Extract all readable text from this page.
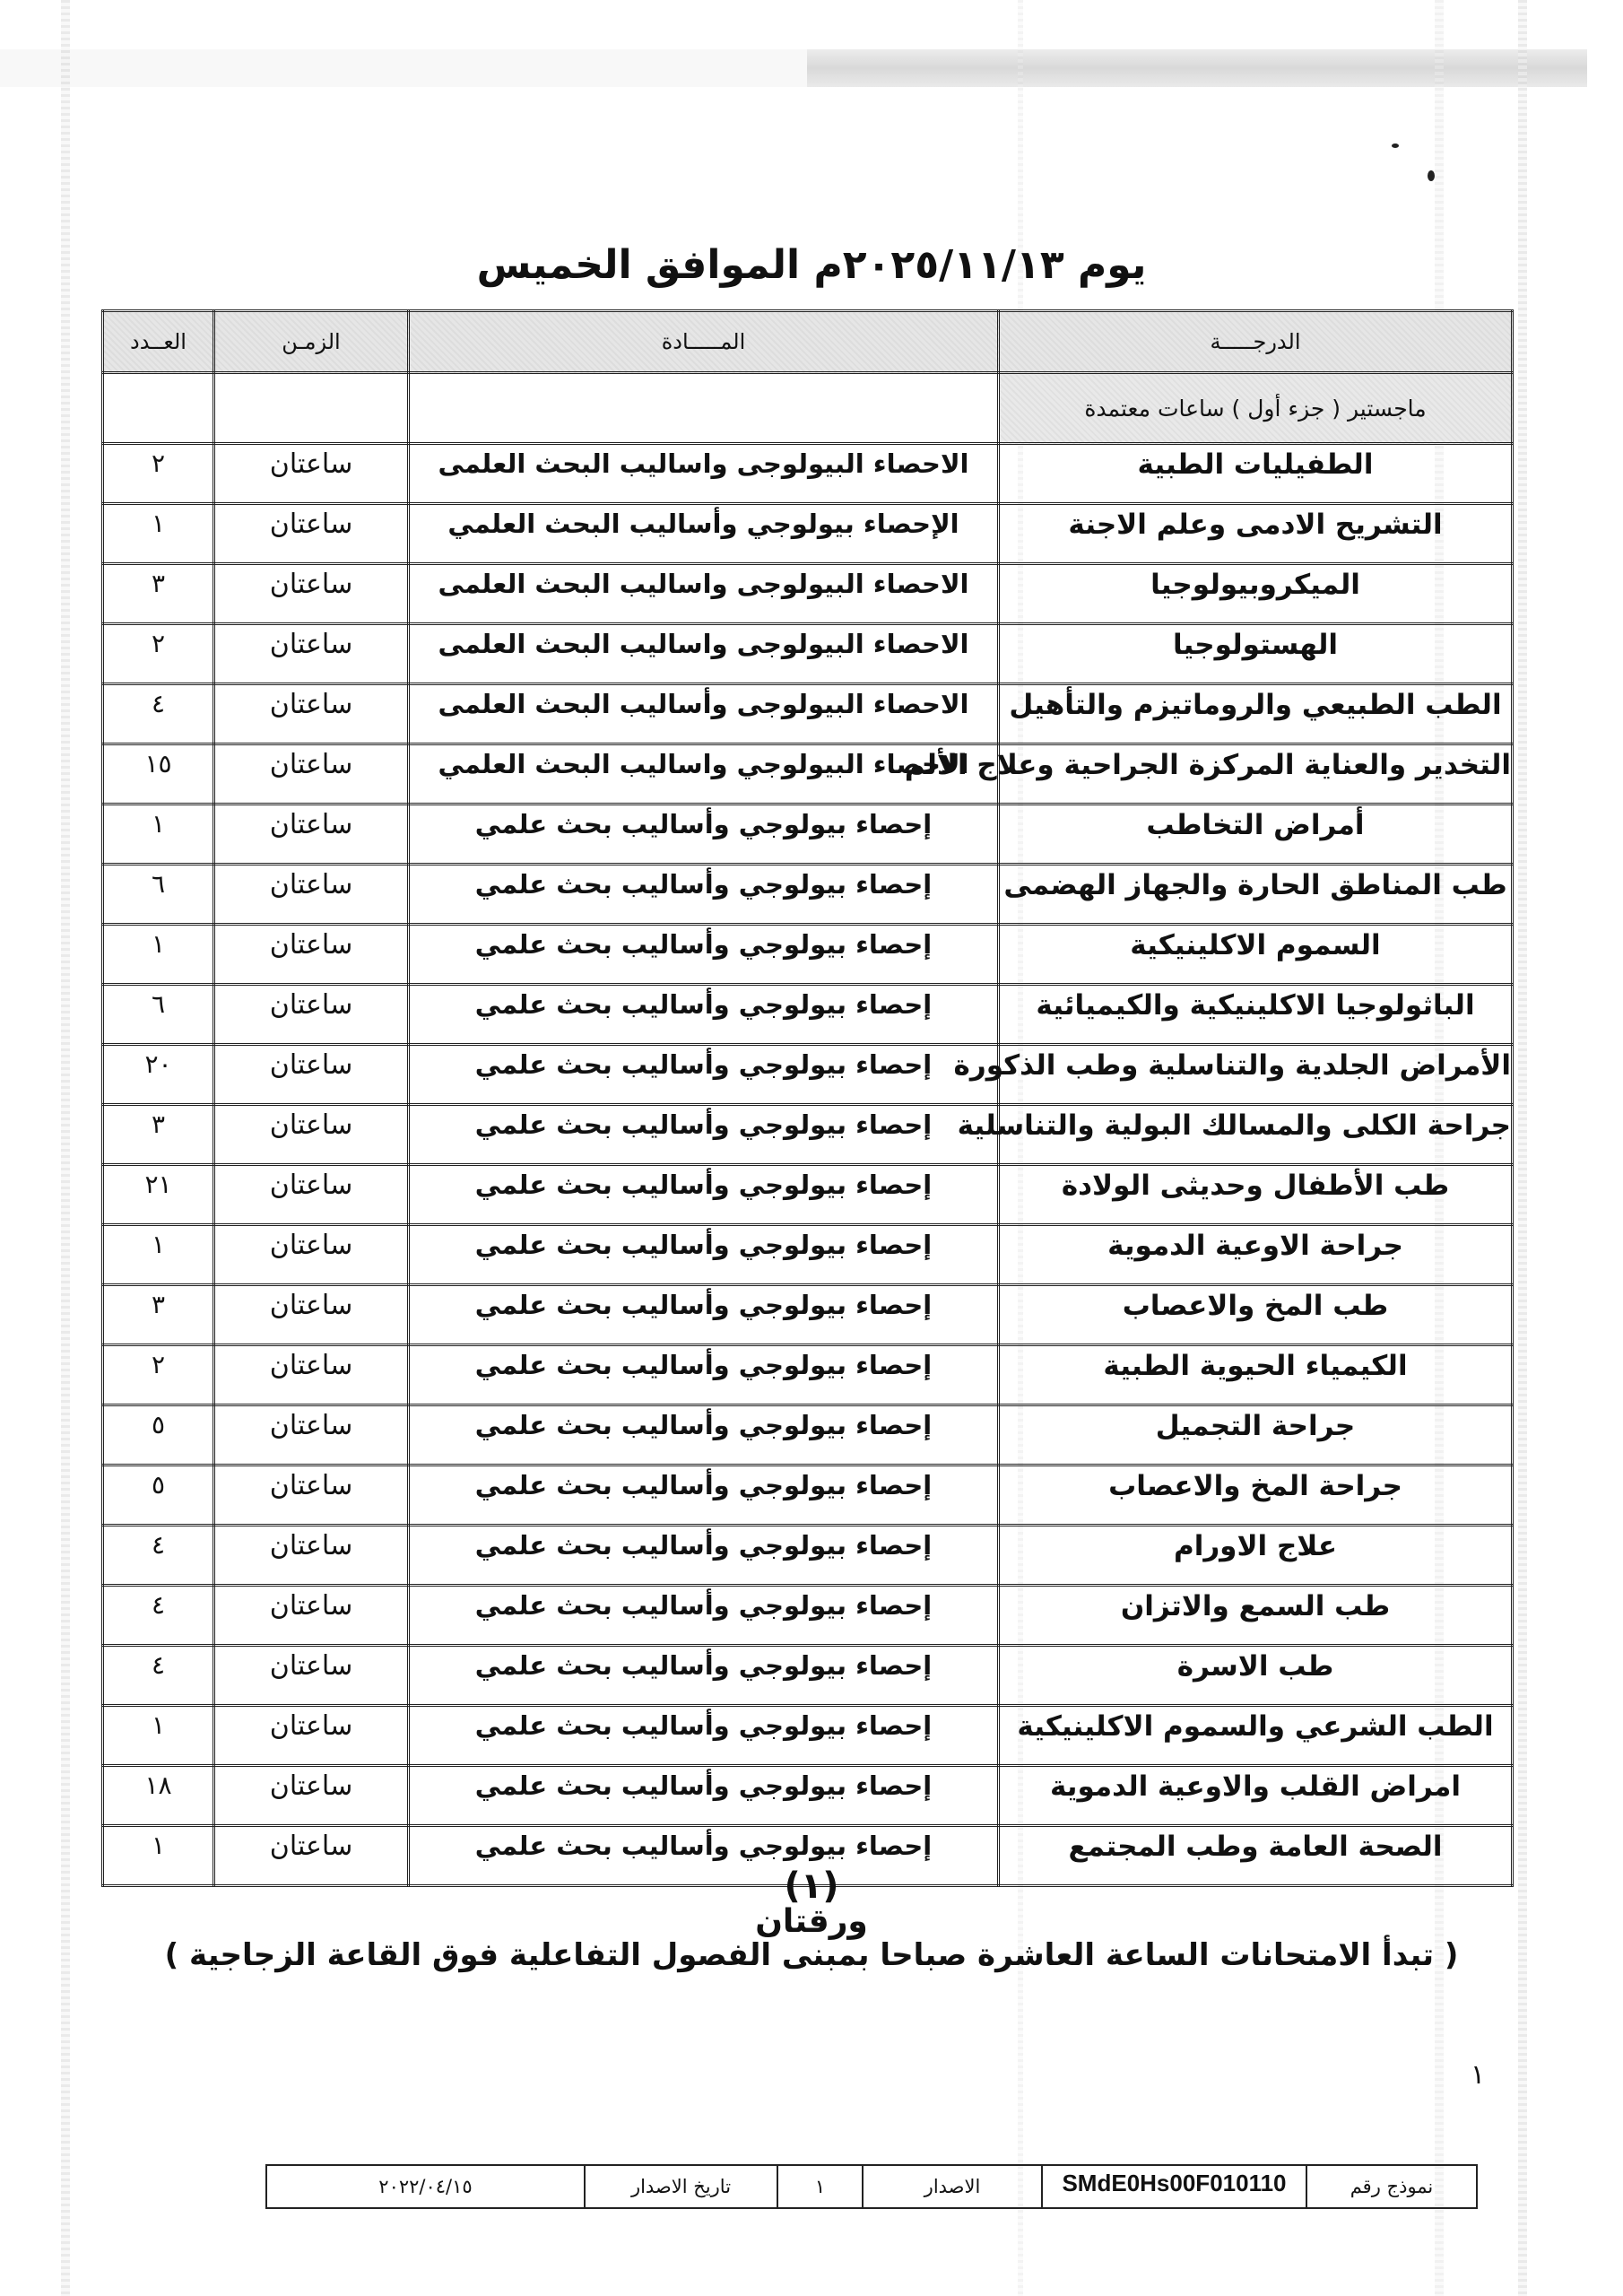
يوم ٢٠٢٥/١١/١٣م الموافق الخميس
الدرجـــــة	المـــــادة	الزمـن	العــدد
ماجستير ( جزء أول ) ساعات معتمدة			
الطفيليات الطبية	الاحصاء البيولوجى واساليب البحث العلمى	ساعتان	٢
التشريح الادمى وعلم الاجنة	الإحصاء بيولوجي وأساليب البحث العلمي	ساعتان	١
الميكروبيولوجيا	الاحصاء البيولوجى واساليب البحث العلمى	ساعتان	٣
الهستولوجيا	الاحصاء البيولوجى واساليب البحث العلمى	ساعتان	٢
الطب الطبيعي والروماتيزم والتأهيل	الاحصاء البيولوجى وأساليب البحث العلمى	ساعتان	٤
التخدير والعناية المركزة الجراحية وعلاج الألم	الاحصاء البيولوجي واساليب البحث العلمي	ساعتان	١٥
أمراض التخاطب	إحصاء بيولوجي وأساليب بحث علمي	ساعتان	١
طب المناطق الحارة والجهاز الهضمى	إحصاء بيولوجي وأساليب بحث علمي	ساعتان	٦
السموم الاكلينيكية	إحصاء بيولوجي وأساليب بحث علمي	ساعتان	١
الباثولوجيا الاكلينيكية والكيميائية	إحصاء بيولوجي وأساليب بحث علمي	ساعتان	٦
الأمراض الجلدية والتناسلية وطب الذكورة	إحصاء بيولوجي وأساليب بحث علمي	ساعتان	٢٠
جراحة الكلى والمسالك البولية والتناسلية	إحصاء بيولوجي وأساليب بحث علمي	ساعتان	٣
طب الأطفال وحديثى الولادة	إحصاء بيولوجي وأساليب بحث علمي	ساعتان	٢١
جراحة الاوعية الدموية	إحصاء بيولوجي وأساليب بحث علمي	ساعتان	١
طب المخ والاعصاب	إحصاء بيولوجي وأساليب بحث علمي	ساعتان	٣
الكيمياء الحيوية الطبية	إحصاء بيولوجي وأساليب بحث علمي	ساعتان	٢
جراحة التجميل	إحصاء بيولوجي وأساليب بحث علمي	ساعتان	٥
جراحة المخ والاعصاب	إحصاء بيولوجي وأساليب بحث علمي	ساعتان	٥
علاج الاورام	إحصاء بيولوجي وأساليب بحث علمي	ساعتان	٤
طب السمع والاتزان	إحصاء بيولوجي وأساليب بحث علمي	ساعتان	٤
طب الاسرة	إحصاء بيولوجي وأساليب بحث علمي	ساعتان	٤
الطب الشرعي والسموم الاكلينيكية	إحصاء بيولوجي وأساليب بحث علمي	ساعتان	١
امراض القلب والاوعية الدموية	إحصاء بيولوجي وأساليب بحث علمي	ساعتان	١٨
الصحة العامة وطب المجتمع	إحصاء بيولوجي وأساليب بحث علمي	ساعتان	١
(١)
ورقتان
( تبدأ الامتحانات الساعة العاشرة صباحا بمبنى الفصول التفاعلية فوق القاعة الزجاجية )
١
نموذج رقم	SMdE0Hs00F010110	الاصدار	١	تاريخ الاصدار	٢٠٢٢/٠٤/١٥
